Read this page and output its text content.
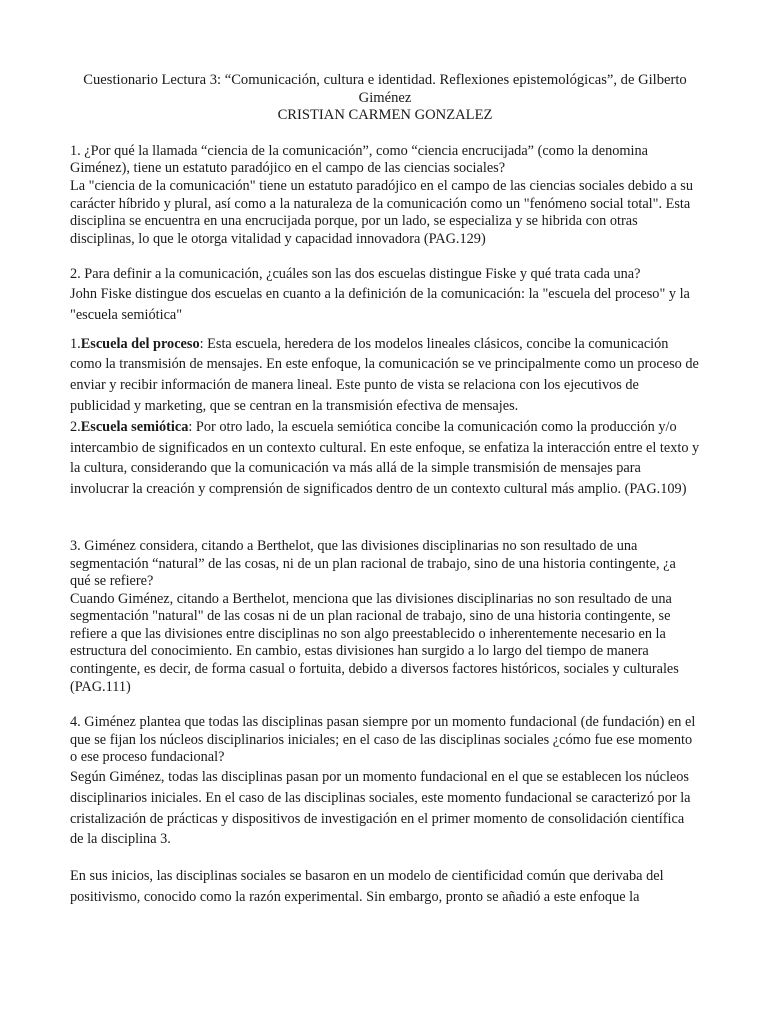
Cuestionario Lectura 3: “Comunicación, cultura e identidad. Reflexiones epistemológicas”, de Gilberto Giménez

CRISTIAN CARMEN GONZALEZ

1. ¿Por qué la llamada “ciencia de la comunicación”, como “ciencia encrucijada” (como la denomina Giménez), tiene un estatuto paradójico en el campo de las ciencias sociales?

La "ciencia de la comunicación" tiene un estatuto paradójico en el campo de las ciencias sociales debido a su carácter híbrido y plural, así como a la naturaleza de la comunicación como un "fenómeno social total". Esta disciplina se encuentra en una encrucijada porque, por un lado, se especializa y se hibrida con otras disciplinas, lo que le otorga vitalidad y capacidad innovadora (PAG.129)

2. Para definir a la comunicación, ¿cuáles son las dos escuelas distingue Fiske y qué trata cada una?

John Fiske distingue dos escuelas en cuanto a la definición de la comunicación: la "escuela del proceso" y la "escuela semiótica"

1.Escuela del proceso: Esta escuela, heredera de los modelos lineales clásicos, concibe la comunicación como la transmisión de mensajes. En este enfoque, la comunicación se ve principalmente como un proceso de enviar y recibir información de manera lineal. Este punto de vista se relaciona con los ejecutivos de publicidad y marketing, que se centran en la transmisión efectiva de mensajes.

2.Escuela semiótica: Por otro lado, la escuela semiótica concibe la comunicación como la producción y/o intercambio de significados en un contexto cultural. En este enfoque, se enfatiza la interacción entre el texto y la cultura, considerando que la comunicación va más allá de la simple transmisión de mensajes para involucrar la creación y comprensión de significados dentro de un contexto cultural más amplio. (PAG.109)

3. Giménez considera, citando a Berthelot, que las divisiones disciplinarias no son resultado de una segmentación “natural” de las cosas, ni de un plan racional de trabajo, sino de una historia contingente, ¿a qué se refiere?

Cuando Giménez, citando a Berthelot, menciona que las divisiones disciplinarias no son resultado de una segmentación "natural" de las cosas ni de un plan racional de trabajo, sino de una historia contingente, se refiere a que las divisiones entre disciplinas no son algo preestablecido o inherentemente necesario en la estructura del conocimiento. En cambio, estas divisiones han surgido a lo largo del tiempo de manera contingente, es decir, de forma casual o fortuita, debido a diversos factores históricos, sociales y culturales (PAG.111)

4. Giménez plantea que todas las disciplinas pasan siempre por un momento fundacional (de fundación) en el que se fijan los núcleos disciplinarios iniciales; en el caso de las disciplinas sociales ¿cómo fue ese momento o ese proceso fundacional?

Según Giménez, todas las disciplinas pasan por un momento fundacional en el que se establecen los núcleos disciplinarios iniciales. En el caso de las disciplinas sociales, este momento fundacional se caracterizó por la cristalización de prácticas y dispositivos de investigación en el primer momento de consolidación científica de la disciplina 3.

En sus inicios, las disciplinas sociales se basaron en un modelo de cientificidad común que derivaba del positivismo, conocido como la razón experimental. Sin embargo, pronto se añadió a este enfoque la
